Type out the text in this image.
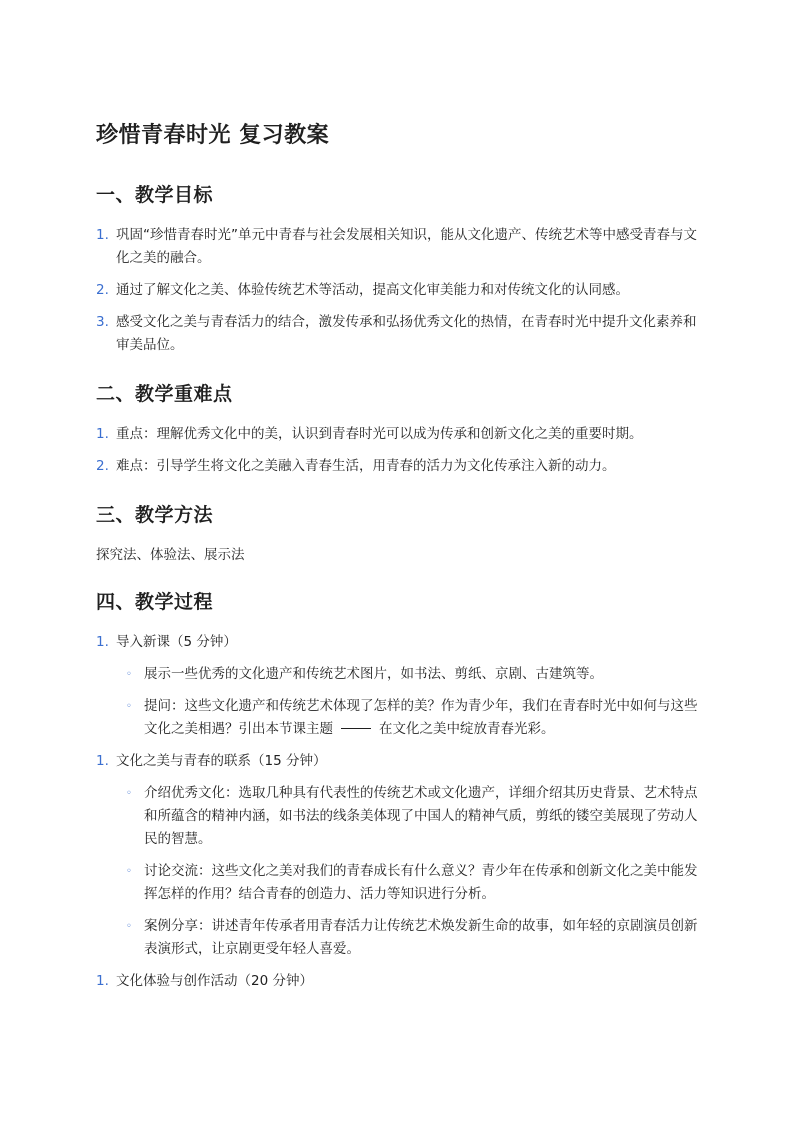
珍惜青春时光 复习教案
一、教学目标
1. 巩固“珍惜青春时光”单元中青春与社会发展相关知识，能从文化遗产、传统艺术等中感受青春与文化之美的融合。
2. 通过了解文化之美、体验传统艺术等活动，提高文化审美能力和对传统文化的认同感。
3. 感受文化之美与青春活力的结合，激发传承和弘扬优秀文化的热情，在青春时光中提升文化素养和审美品位。
二、教学重难点
1. 重点：理解优秀文化中的美，认识到青春时光可以成为传承和创新文化之美的重要时期。
2. 难点：引导学生将文化之美融入青春生活，用青春的活力为文化传承注入新的动力。
三、教学方法

探究法、体验法、展示法

四、教学过程
1. 导入新课（5 分钟）
◦ 展示一些优秀的文化遗产和传统艺术图片，如书法、剪纸、京剧、古建筑等。
◦ 提问：这些文化遗产和传统艺术体现了怎样的美？作为青少年，我们在青春时光中如何与这些文化之美相遇？引出本节课主题	在文化之美中绽放青春光彩。
1. 文化之美与青春的联系（15 分钟）
◦ 介绍优秀文化：选取几种具有代表性的传统艺术或文化遗产，详细介绍其历史背景、艺术特点和所蕴含的精神内涵，如书法的线条美体现了中国人的精神气质，剪纸的镂空美展现了劳动人民的智慧。
◦ 讨论交流：这些文化之美对我们的青春成长有什么意义？青少年在传承和创新文化之美中能发挥怎样的作用？结合青春的创造力、活力等知识进行分析。
◦ 案例分享：讲述青年传承者用青春活力让传统艺术焕发新生命的故事，如年轻的京剧演员创新表演形式，让京剧更受年轻人喜爱。
1. 文化体验与创作活动（20 分钟）
